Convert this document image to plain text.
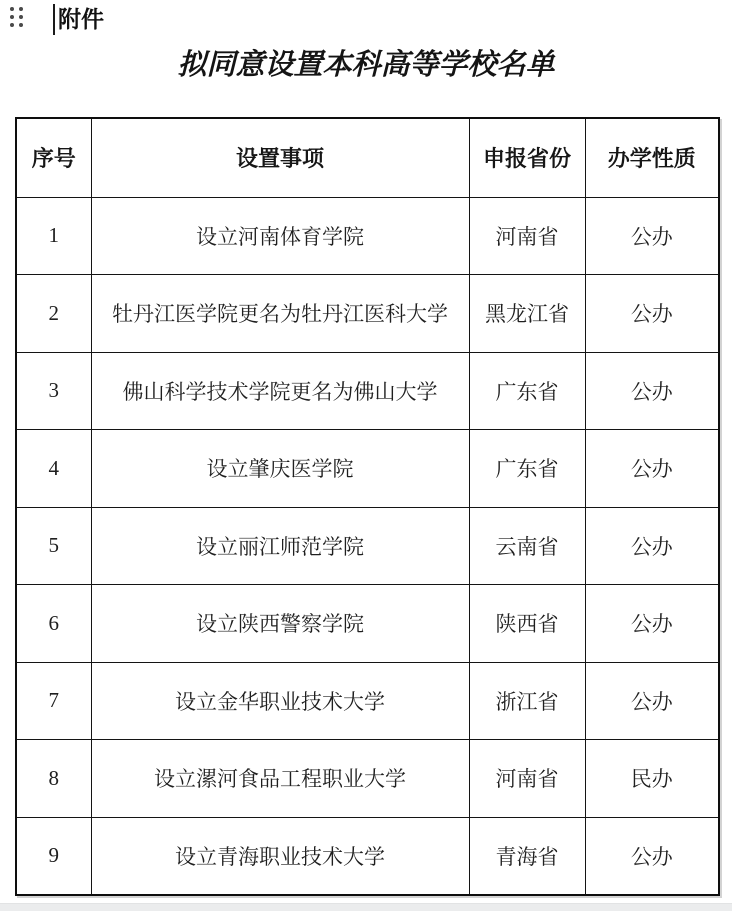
附件
拟同意设置本科高等学校名单
序号	设置事项	申报省份	办学性质
1	设立河南体育学院	河南省	公办
2	牡丹江医学院更名为牡丹江医科大学	黑龙江省	公办
3	佛山科学技术学院更名为佛山大学	广东省	公办
4	设立肇庆医学院	广东省	公办
5	设立丽江师范学院	云南省	公办
6	设立陕西警察学院	陕西省	公办
7	设立金华职业技术大学	浙江省	公办
8	设立漯河食品工程职业大学	河南省	民办
9	设立青海职业技术大学	青海省	公办
